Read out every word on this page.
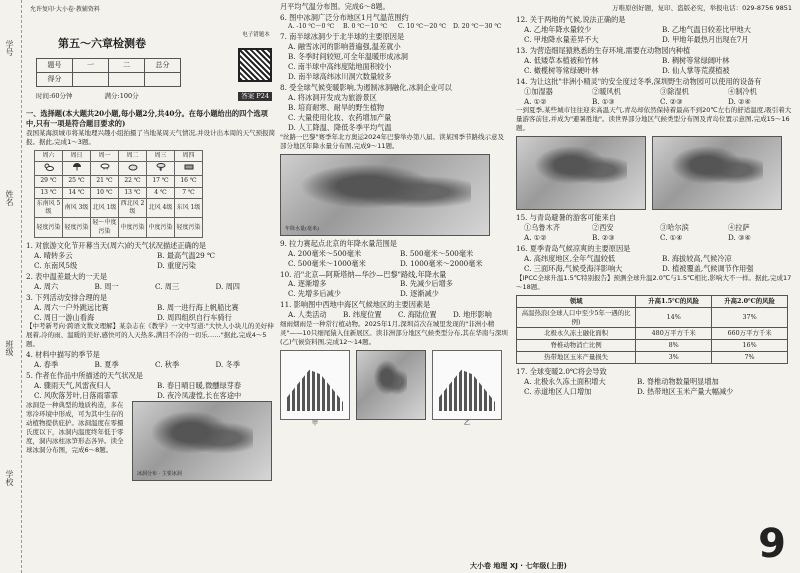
学号
姓名
班级
学校
允许复印·大小卷·教辅资料	万唯原创好题，复印、盗版必究，举报电话：029-8756 9851
第五～六章检测卷
题号	一	二	总分
得分			
电子错题本
时间:60分钟	满分:100分	答案 P24
一、选择题(本大题共20小题,每小题2分,共40分。在每小题给出的四个选项中,只有一项是符合题目要求的)
我国某海滨城市将某地理兴趣小组拍摄了当地某周天气情况,并设计出本周的天气预报简报。据此,完成1～3题。
周六	周日	周一	周二	周三	周四

* *

29 ℃	25 ℃	21 ℃	22 ℃	17 ℃	16 ℃
13 ℃	14 ℃	10 ℃	13 ℃	4 ℃	7 ℃
东南风 5级	南风 3级	北风 1级	西北风 2级	北风 4级	东风 1级
轻度污染	轻度污染	轻～中度污染	中度污染	中度污染	轻度污染
1. 对旅游文化节开幕当天(周六)的天气状况描述正确的是
A. 晴转多云	B. 最高气温29 ℃
C. 东南风5级	D. 重度污染
2. 表中温差最大的一天是
A. 周六	B. 周一	C. 周三	D. 周四
3. 下列活动安排合理的是
A. 周六一户外跳远比赛	B. 周一进行海上帆船比赛
C. 周日一游山看海	D. 周四组织自行车骑行
【中考新考向·跨语文数文理解】某杂志在《教学》一文中写道:"大快人小块儿的美好伸展着,冷的雨、温暖的美好,感快可的人天热多,满目不冷的一切乐……"据此,完成4～5题。
4. 材料中描写的季节是
A. 春季	B. 夏季	C. 秋季	D. 冬季
5. 作者在作品中所描述的天气状况是
A. 骤雨天气,风雷夜归人	B. 春日晴日暖,微醺绿芽春
C. 风吹落芳叶,日落雨霏霏	D. 夜冷凤凄惶,长在客途中
冰洞是一种典型的地质构造，多在寒冷环境中形成，可为其中生存的动植物提供庇护。冰洞温度在零摄氏度以下，冰洞内温度终年低于零度，洞内冰柱冰笋形态各异。读全球冰洞分布图，完成6～8题。
冰洞分布 · 主要冰洞
月平均气温分布图。完成6～8题。
6. 图中冰洞广泛分布地区1月气温范围约
A. -10 ℃～0 ℃	B. 0 ℃～10 ℃	C. 10 ℃～20 ℃	D. 20 ℃～30 ℃
7. 南半球冰洞少于北半球的主要原因是
A. 融雪冰河的影响普遍强,温差就小
B. 冬季时间较短,可全年温暖形成冰洞
C. 南半球中高纬度陆地面积较小
D. 南半球高纬冰川洞穴数量较多
8. 受全球气候变暖影响,为遏制冰洞融化,冰洞企业可以
A. 将冰洞开发成为旅游景区
B. 培育耐寒、耐旱的野生植物
C. 大量使用化妆、农药增加产量
D. 人工降温、降低冬季平均气温
"丝路一巴黎"赛季年北方奥运2024年巴黎举办第八届。读某国季节路线示意及部分地区年降水量分布图,完成9～11题。
年降水量(毫米)
9. 拉力赛起点北京的年降水量范围是
A. 200毫米～500毫米	B. 500毫米～500毫米
C. 500毫米～1000毫米	D. 1000毫米～2000毫米
10. 沿"北京—阿斯塔纳—华沙—巴黎"路线,年降水量
A. 逐渐增多	B. 先减少后增多
C. 先增多后减少	D. 逐渐减少
11. 影响图中西地中海区气候地区的主要因素是
A. 人类活动	B. 纬度位置	C. 海陆位置	D. 地形影响
细雨烟雨是一种常行植动物。2025年1月,深圳首次在城里发现的"非洲小精灵"——10只细尾猿入住新展区。读非洲部分地区气候类型分布,其在华南与深圳(乙)气候资料图,完成12～14题。
甲	乙
12. 关于两地的气候,说法正确的是
A. 乙地年降水量较少	B. 乙地气温日较差比甲地大
C. 甲地降水量差异不大	D. 甲地年最热月出现在7月
13. 为营造细尾猿熟悉的生存环境,需要在动物园内种植
A. 低矮草本植被和竹林	B. 稠树等常绿阔叶林
C. 橄榄树等常绿硬叶林	D. 仙人掌等荒漠植被
14. 为让这批"非洲小精灵"的安全度过冬季,深圳野生动物园可以使用的设备有
①加湿器	②暖风机	③除湿机	④制冷机
A. ①②	B. ①③	C. ②③	D. ②④
一到夏季,某些城市往往迎来高温天气,青岛却依然保持着最高不到20℃左右的舒适温度,吸引着大量游客前往,并成为"避暑胜地"。读世界部分地区气候类型分布图及青岛位置示意图,完成15～16题。
15. 与青岛避暑的游客可能来自
①乌鲁木齐	②西安	③哈尔滨	④拉萨
A. ①②	B. ②③	C. ①④	D. ③④
16. 夏季青岛气候凉爽的主要原因是
A. 高纬度地区,全年气温较低	B. 海拔较高,气候冷凉
C. 三面环海,气候受海洋影响大	D. 植被覆盖,气候调节作用强
【IPCC全球升温1.5℃特别报告】预测全球升温2.0℃与1.5℃相比,影响大不一样。据此,完成17～18题。
领域	升高1.5℃的风险	升高2.0℃的风险
高温热浪(全球人口中至少5年一遇的比例)	14%	37%
北极永久冻土融化面积	480万平方千米	660万平方千米
脊椎动物消亡比例	8%	16%
热带地区玉米产量损失	3%	7%
17. 全球变暖2.0℃将会导致
A. 北极永久冻土面积增大	B. 脊椎动物数量明显增加
C. 赤道地区人口增加	D. 热带地区玉米产量大幅减少
大小卷 地理 XJ · 七年级(上册)	9
